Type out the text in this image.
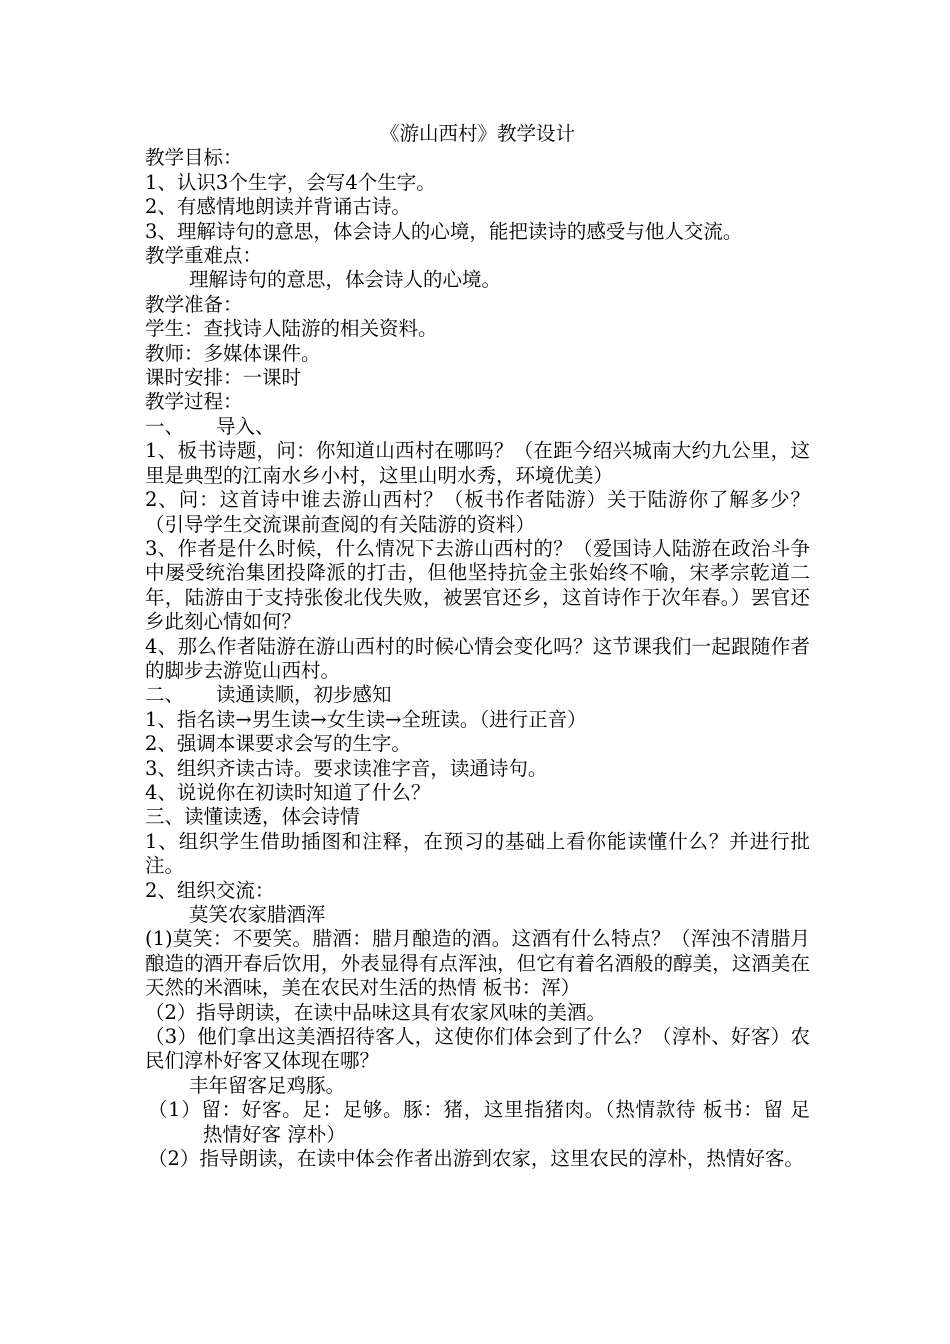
《游山西村》教学设计

教学目标：

1、认识3个生字，会写4个生字。

2、有感情地朗读并背诵古诗。

3、理解诗句的意思，体会诗人的心境，能把读诗的感受与他人交流。

教学重难点：

理解诗句的意思，体会诗人的心境。

教学准备：

学生：查找诗人陆游的相关资料。

教师：多媒体课件。

课时安排：一课时

教学过程：

一、 导入、

1、板书诗题，问：你知道山西村在哪吗？（在距今绍兴城南大约九公里，这里是典型的江南水乡小村，这里山明水秀，环境优美）

2、问：这首诗中谁去游山西村？（板书作者陆游）关于陆游你了解多少？（引导学生交流课前查阅的有关陆游的资料）

3、作者是什么时候，什么情况下去游山西村的？（爱国诗人陆游在政治斗争中屡受统治集团投降派的打击，但他坚持抗金主张始终不喻，宋孝宗乾道二年，陆游由于支持张俊北伐失败，被罢官还乡，这首诗作于次年春。）罢官还乡此刻心情如何？

4、那么作者陆游在游山西村的时候心情会变化吗？这节课我们一起跟随作者的脚步去游览山西村。

二、 读通读顺，初步感知

1、指名读→男生读→女生读→全班读。（进行正音）

2、强调本课要求会写的生字。

3、组织齐读古诗。要求读准字音，读通诗句。

4、说说你在初读时知道了什么？

三、读懂读透，体会诗情

1、组织学生借助插图和注释，在预习的基础上看你能读懂什么？并进行批注。

2、组织交流：

莫笑农家腊酒浑

(1)莫笑：不要笑。腊酒：腊月酿造的酒。这酒有什么特点？（浑浊不清腊月酿造的酒开春后饮用，外表显得有点浑浊，但它有着名酒般的醇美，这酒美在天然的米酒味，美在农民对生活的热情 板书：浑）

（2）指导朗读，在读中品味这具有农家风味的美酒。

（3）他们拿出这美酒招待客人，这使你们体会到了什么？（淳朴、好客）农民们淳朴好客又体现在哪？

丰年留客足鸡豚。

（1）留：好客。足：足够。豚：猪，这里指猪肉。（热情款待 板书：留 足 热情好客 淳朴）

（2）指导朗读，在读中体会作者出游到农家，这里农民的淳朴，热情好客。
